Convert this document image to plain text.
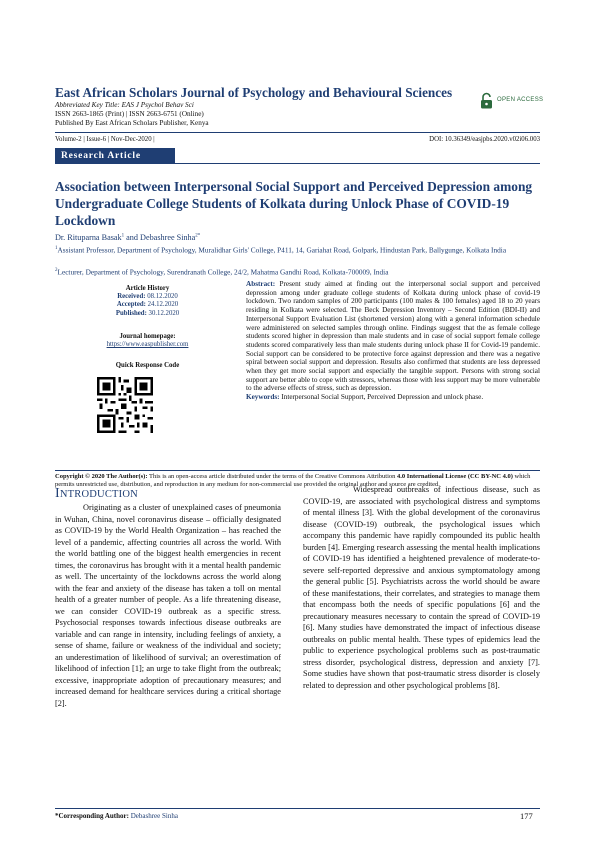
East African Scholars Journal of Psychology and Behavioural Sciences
Abbreviated Key Title: EAS J Psychol Behav Sci
ISSN 2663-1865 (Print) | ISSN 2663-6751 (Online)
Published By East African Scholars Publisher, Kenya
OPEN ACCESS
Volume-2 | Issue-6 | Nov-Dec-2020 |	DOI: 10.36349/easjpbs.2020.v02i06.003
Research Article
Association between Interpersonal Social Support and Perceived Depression among Undergraduate College Students of Kolkata during Unlock Phase of COVID-19 Lockdown
Dr. Rituparna Basak$^1$ and Debashree Sinha$^{2*}$
$^1$Assistant Professor, Department of Psychology, Muralidhar Girls' College, P411, 14, Gariahat Road, Golpark, Hindustan Park, Ballygunge, Kolkata India
$^2$Lecturer, Department of Psychology, Surendranath College, 24/2, Mahatma Gandhi Road, Kolkata-700009, India
Article History
Received: 08.12.2020
Accepted: 24.12.2020
Published: 30.12.2020
Journal homepage:
https://www.easpublisher.com
Quick Response Code
Abstract: Present study aimed at finding out the interpersonal social support and perceived depression among under graduate college students of Kolkata during unlock phase of covid-19 lockdown. Two random samples of 200 participants (100 males & 100 females) aged 18 to 20 years residing in Kolkata were selected. The Beck Depression Inventory – Second Edition (BDI-II) and Interpersonal Support Evaluation List (shortened version) along with a general information schedule were administered on selected samples through online. Findings suggest that the as female college students scored higher in depression than male students and in case of social support female college students scored comparatively less than male students during unlock phase II for Covid-19 pandemic. Social support can be considered to be protective force against depression and there was a negative spiral between social support and depression. Results also confirmed that students are less depressed when they get more social support and especially the tangible support. Persons with strong social support are better able to cope with stressors, whereas those with less support may be more vulnerable to the adverse effects of stress, such as depression.
Keywords: Interpersonal Social Support, Perceived Depression and unlock phase.
Copyright © 2020 The Author(s): This is an open-access article distributed under the terms of the Creative Commons Attribution 4.0 International License (CC BY-NC 4.0) which permits unrestricted use, distribution, and reproduction in any medium for non-commercial use provided the original author and source are credited.
INTRODUCTION
Originating as a cluster of unexplained cases of pneumonia in Wuhan, China, novel coronavirus disease – officially designated as COVID-19 by the World Health Organization – has reached the level of a pandemic, affecting countries all across the world. With the world battling one of the biggest health emergencies in recent times, the coronavirus has brought with it a mental health pandemic as well. The uncertainty of the lockdowns across the world along with the fear and anxiety of the disease has taken a toll on mental health of a greater number of people. As a life threatening disease, we can consider COVID-19 outbreak as a specific stress. Psychosocial responses towards infectious disease outbreaks are variable and can range in intensity, including feelings of anxiety, a sense of shame, failure or weakness of the individual and society; an underestimation of likelihood of survival; an overestimation of likelihood of infection [1]; an urge to take flight from the outbreak; excessive, inappropriate adoption of precautionary measures; and increased demand for healthcare services during a critical shortage [2].
Widespread outbreaks of infectious disease, such as COVID-19, are associated with psychological distress and symptoms of mental illness [3]. With the global development of the coronavirus disease (COVID-19) outbreak, the psychological issues which accompany this pandemic have rapidly compounded its public health burden [4]. Emerging research assessing the mental health implications of COVID-19 has identified a heightened prevalence of moderate-to-severe self-reported depressive and anxious symptomatology among the general public [5]. Psychiatrists across the world should be aware of these manifestations, their correlates, and strategies to manage them that encompass both the needs of specific populations [6] and the precautionary measures necessary to contain the spread of COVID-19 [6]. Many studies have demonstrated the impact of infectious disease outbreaks on public mental health. These types of epidemics lead the public to experience psychological problems such as post-traumatic stress disorder, psychological distress, depression and anxiety [7]. Some studies have shown that post-traumatic stress disorder is closely related to depression and other psychological problems [8].
*Corresponding Author: Debashree Sinha	177
